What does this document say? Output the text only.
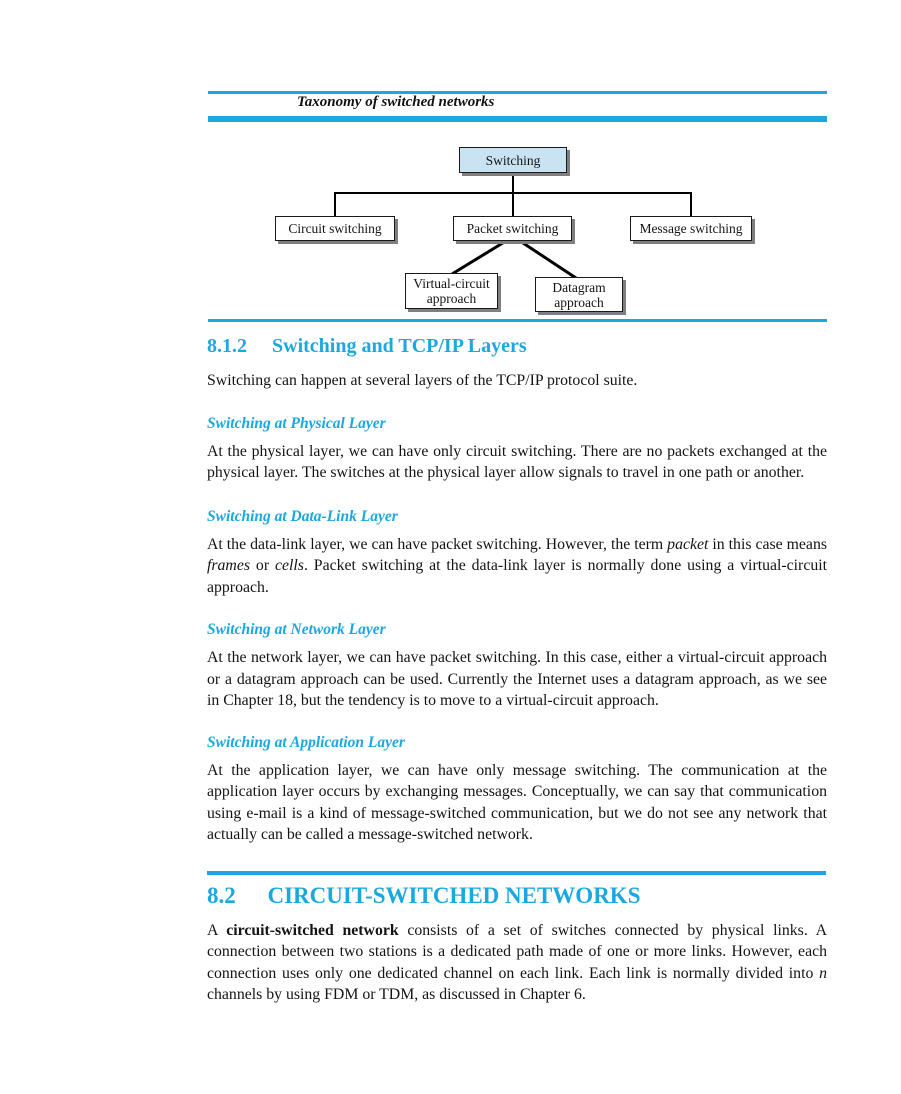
Taxonomy of switched networks
Switching
Circuit switching	Packet switching	Message switching
Virtual-circuit approach
Datagram approach
8.1.2 Switching and TCP/IP Layers

Switching can happen at several layers of the TCP/IP protocol suite.

Switching at Physical Layer

At the physical layer, we can have only circuit switching. There are no packets exchanged at the physical layer. The switches at the physical layer allow signals to travel in one path or another.

Switching at Data-Link Layer

At the data-link layer, we can have packet switching. However, the term packet in this case means frames or cells. Packet switching at the data-link layer is normally done using a virtual-circuit approach.

Switching at Network Layer

At the network layer, we can have packet switching. In this case, either a virtual-circuit approach or a datagram approach can be used. Currently the Internet uses a datagram approach, as we see in Chapter 18, but the tendency is to move to a virtual-circuit approach.

Switching at Application Layer

At the application layer, we can have only message switching. The communication at the application layer occurs by exchanging messages. Conceptually, we can say that communication using e-mail is a kind of message-switched communication, but we do not see any network that actually can be called a message-switched network.

8.2 CIRCUIT-SWITCHED NETWORKS

A circuit-switched network consists of a set of switches connected by physical links. A connection between two stations is a dedicated path made of one or more links. However, each connection uses only one dedicated channel on each link. Each link is normally divided into n channels by using FDM or TDM, as discussed in Chapter 6.
